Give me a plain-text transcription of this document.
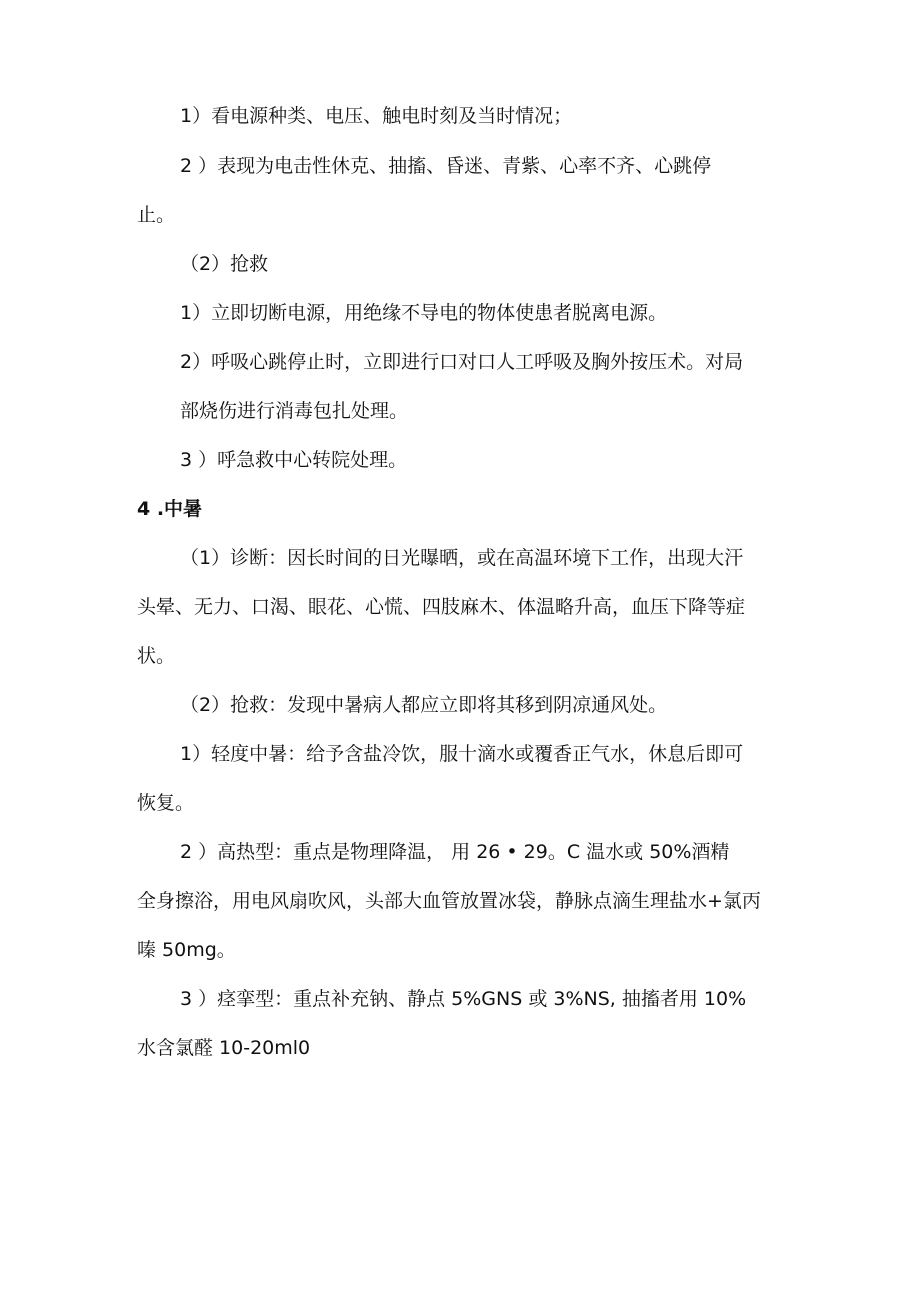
1）看电源种类、电压、触电时刻及当时情况；
2 ）表现为电击性休克、抽搐、昏迷、青紫、心率不齐、心跳停
止。
（2）抢救
1）立即切断电源，用绝缘不导电的物体使患者脱离电源。
2）呼吸心跳停止时，立即进行口对口人工呼吸及胸外按压术。对局
部烧伤进行消毒包扎处理。
3 ）呼急救中心转院处理。
4 .中暑
（1）诊断：因长时间的日光曝晒，或在高温环境下工作，出现大汗
头晕、无力、口渴、眼花、心慌、四肢麻木、体温略升高，血压下降等症
状。
（2）抢救：发现中暑病人都应立即将其移到阴凉通风处。
1）轻度中暑：给予含盐冷饮，服十滴水或覆香正气水，休息后即可
恢复。
2 ）高热型：重点是物理降温， 用 26 • 29。C 温水或 50%酒精
全身擦浴，用电风扇吹风，头部大血管放置冰袋，静脉点滴生理盐水+氯丙
嗪 50mg。
3 ）痉挛型：重点补充钠、静点 5%GNS 或 3%NS, 抽搐者用 10%
水含氯醛 10-20ml0
